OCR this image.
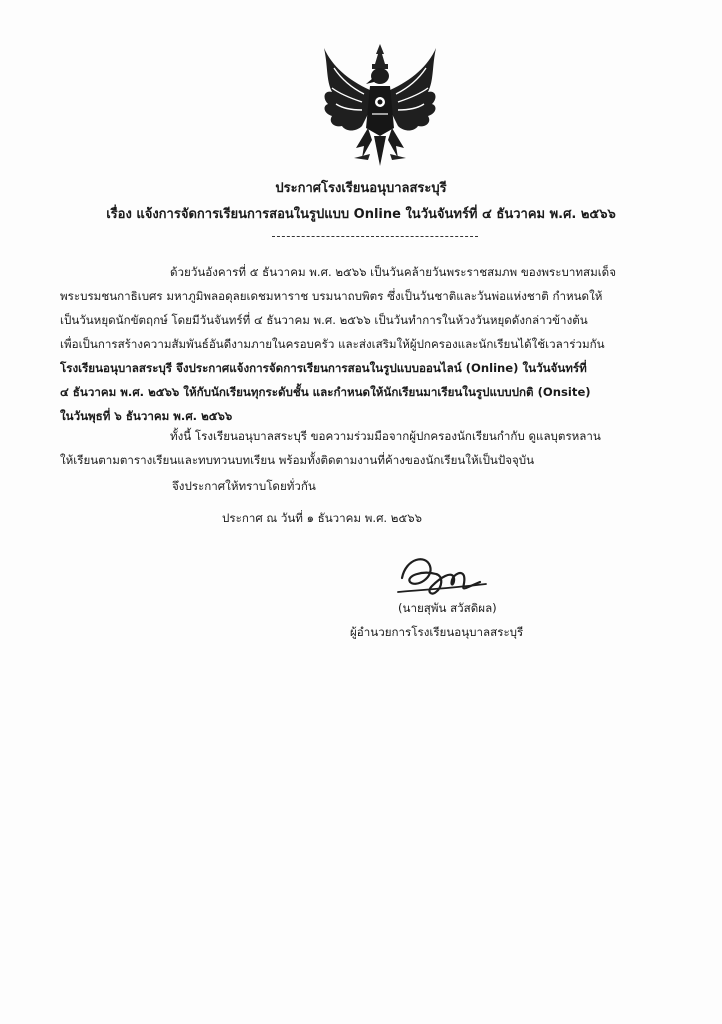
ประกาศโรงเรียนอนุบาลสระบุรี
เรื่อง แจ้งการจัดการเรียนการสอนในรูปแบบ Online ในวันจันทร์ที่ ๔ ธันวาคม พ.ศ. ๒๕๖๖
ด้วยวันอังคารที่ ๕ ธันวาคม พ.ศ. ๒๕๖๖ เป็นวันคล้ายวันพระราชสมภพ ของพระบาทสมเด็จ
พระบรมชนกาธิเบศร มหาภูมิพลอดุลยเดชมหาราช บรมนาถบพิตร ซึ่งเป็นวันชาติและวันพ่อแห่งชาติ กำหนดให้
เป็นวันหยุดนักขัตฤกษ์ โดยมีวันจันทร์ที่ ๔ ธันวาคม พ.ศ. ๒๕๖๖ เป็นวันทำการในห้วงวันหยุดดังกล่าวข้างต้น
เพื่อเป็นการสร้างความสัมพันธ์อันดีงามภายในครอบครัว และส่งเสริมให้ผู้ปกครองและนักเรียนได้ใช้เวลาร่วมกัน
โรงเรียนอนุบาลสระบุรี จึงประกาศแจ้งการจัดการเรียนการสอนในรูปแบบออนไลน์ (Online) ในวันจันทร์ที่
๔ ธันวาคม พ.ศ. ๒๕๖๖ ให้กับนักเรียนทุกระดับชั้น และกำหนดให้นักเรียนมาเรียนในรูปแบบปกติ (Onsite)
ในวันพุธที่ ๖ ธันวาคม พ.ศ. ๒๕๖๖
ทั้งนี้ โรงเรียนอนุบาลสระบุรี ขอความร่วมมือจากผู้ปกครองนักเรียนกำกับ ดูแลบุตรหลาน
ให้เรียนตามตารางเรียนและทบทวนบทเรียน พร้อมทั้งติดตามงานที่ค้างของนักเรียนให้เป็นปัจจุบัน
จึงประกาศให้ทราบโดยทั่วกัน
ประกาศ ณ วันที่ ๑ ธันวาคม พ.ศ. ๒๕๖๖
(นายสุพัน สวัสดิผล)
ผู้อำนวยการโรงเรียนอนุบาลสระบุรี
